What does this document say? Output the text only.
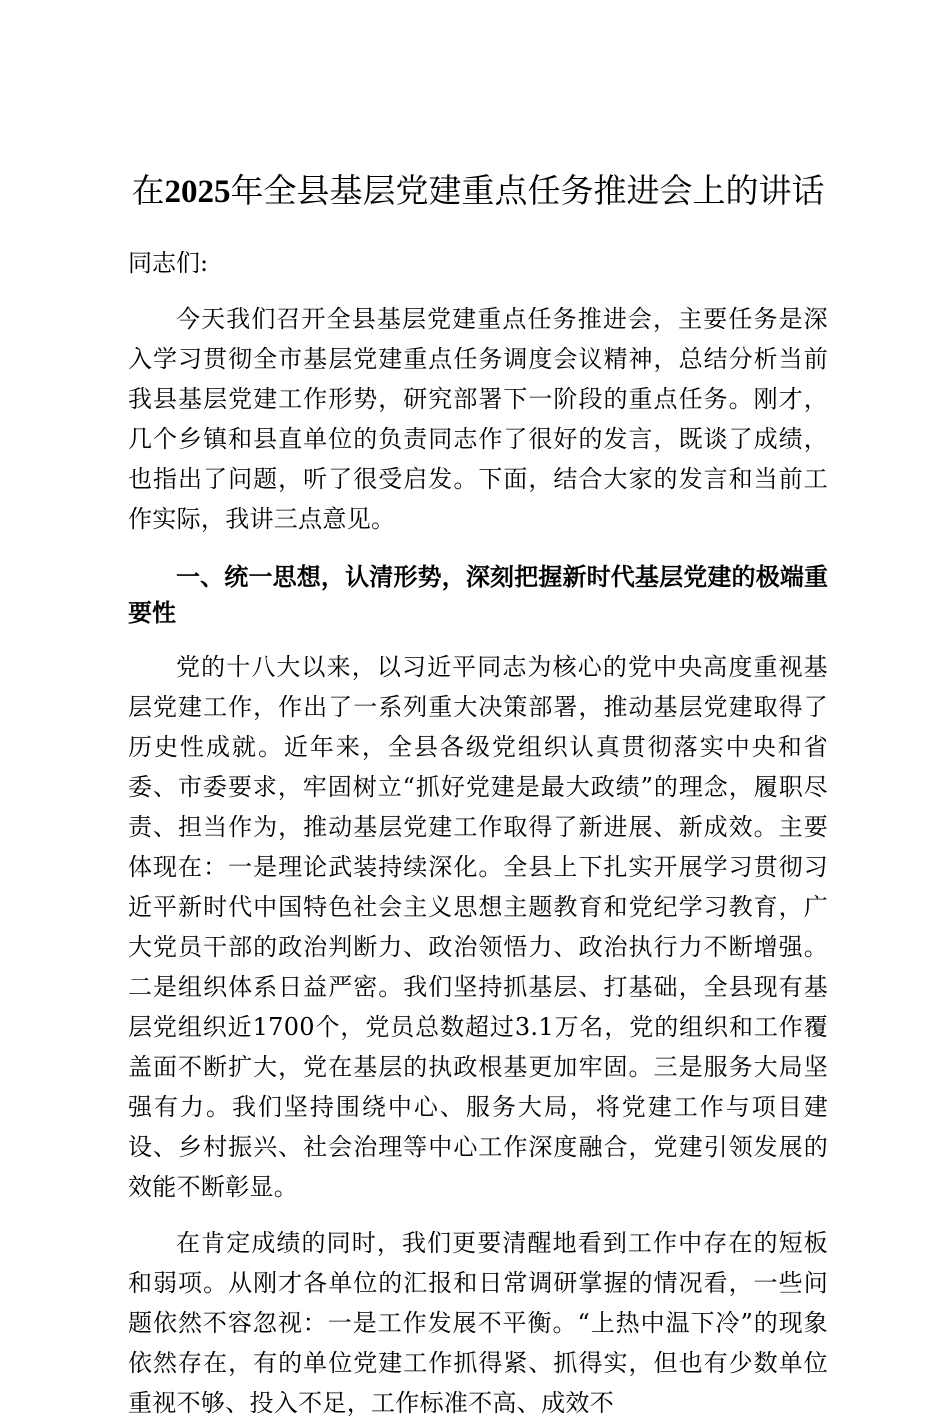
在2025年全县基层党建重点任务推进会上的讲话

同志们:

今天我们召开全县基层党建重点任务推进会，主要任务是深入学习贯彻全市基层党建重点任务调度会议精神，总结分析当前我县基层党建工作形势，研究部署下一阶段的重点任务。刚才，几个乡镇和县直单位的负责同志作了很好的发言，既谈了成绩，也指出了问题，听了很受启发。下面，结合大家的发言和当前工作实际，我讲三点意见。

一、统一思想，认清形势，深刻把握新时代基层党建的极端重要性

党的十八大以来，以习近平同志为核心的党中央高度重视基层党建工作，作出了一系列重大决策部署，推动基层党建取得了历史性成就。近年来，全县各级党组织认真贯彻落实中央和省委、市委要求，牢固树立“抓好党建是最大政绩”的理念，履职尽责、担当作为，推动基层党建工作取得了新进展、新成效。主要体现在：一是理论武装持续深化。全县上下扎实开展学习贯彻习近平新时代中国特色社会主义思想主题教育和党纪学习教育，广大党员干部的政治判断力、政治领悟力、政治执行力不断增强。二是组织体系日益严密。我们坚持抓基层、打基础，全县现有基层党组织近1700个，党员总数超过3.1万名，党的组织和工作覆盖面不断扩大，党在基层的执政根基更加牢固。三是服务大局坚强有力。我们坚持围绕中心、服务大局，将党建工作与项目建设、乡村振兴、社会治理等中心工作深度融合，党建引领发展的效能不断彰显。

在肯定成绩的同时，我们更要清醒地看到工作中存在的短板和弱项。从刚才各单位的汇报和日常调研掌握的情况看，一些问题依然不容忽视：一是工作发展不平衡。“上热中温下冷”的现象依然存在，有的单位党建工作抓得紧、抓得实，但也有少数单位重视不够、投入不足，工作标准不高、成效不
